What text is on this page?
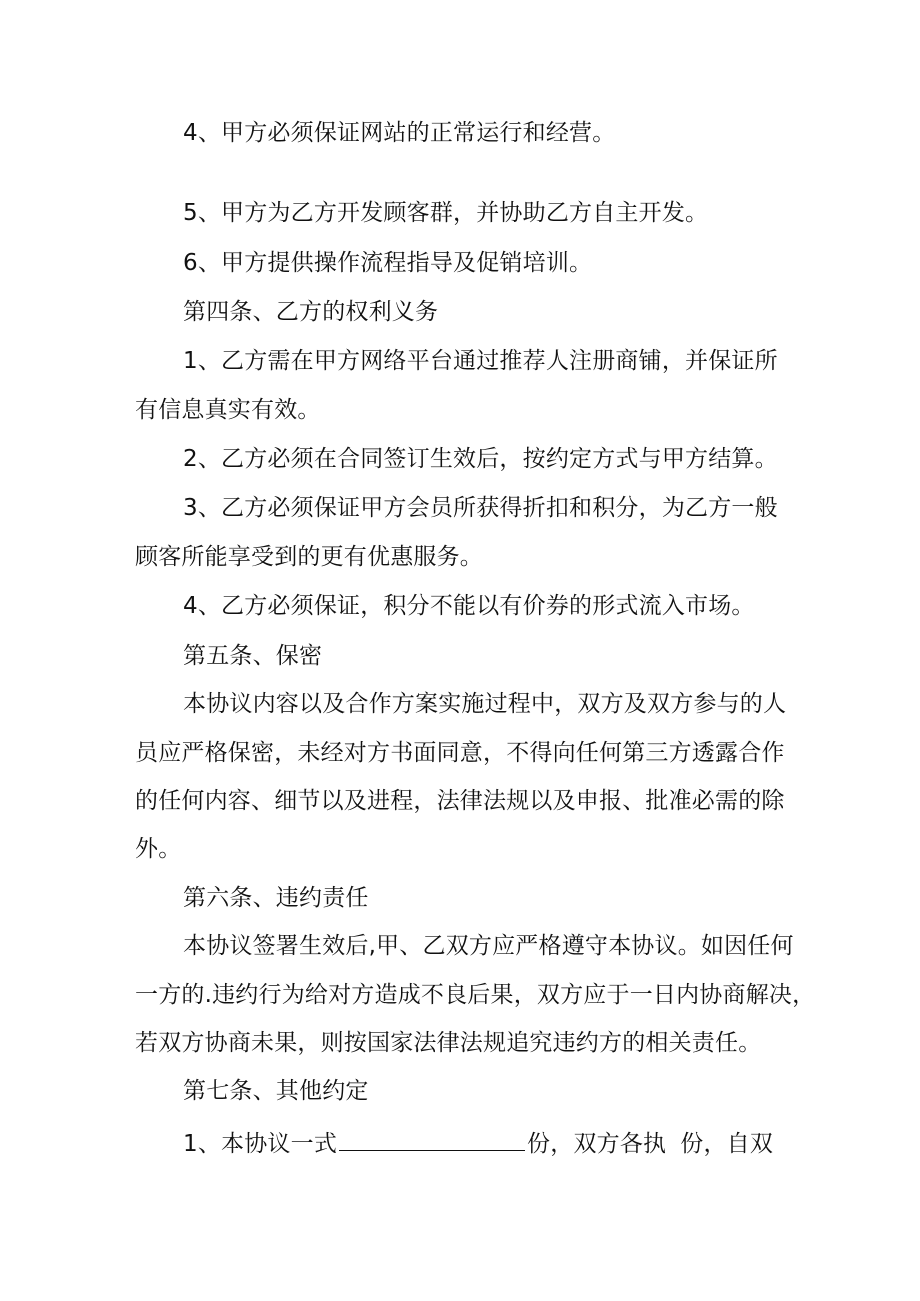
4、甲方必须保证网站的正常运行和经营。
5、甲方为乙方开发顾客群，并协助乙方自主开发。
6、甲方提供操作流程指导及促销培训。
第四条、乙方的权利义务
1、乙方需在甲方网络平台通过推荐人注册商铺，并保证所
有信息真实有效。
2、乙方必须在合同签订生效后，按约定方式与甲方结算。
3、乙方必须保证甲方会员所获得折扣和积分，为乙方一般
顾客所能享受到的更有优惠服务。
4、乙方必须保证，积分不能以有价券的形式流入市场。
第五条、保密
本协议内容以及合作方案实施过程中，双方及双方参与的人
员应严格保密，未经对方书面同意，不得向任何第三方透露合作
的任何内容、细节以及进程，法律法规以及申报、批准必需的除
外。
第六条、违约责任
本协议签署生效后,甲、乙双方应严格遵守本协议。如因任何
一方的.违约行为给对方造成不良后果，双方应于一日内协商解决，
若双方协商未果，则按国家法律法规追究违约方的相关责任。
第七条、其他约定
1、本协议一式	份，双方各执 份，自双
